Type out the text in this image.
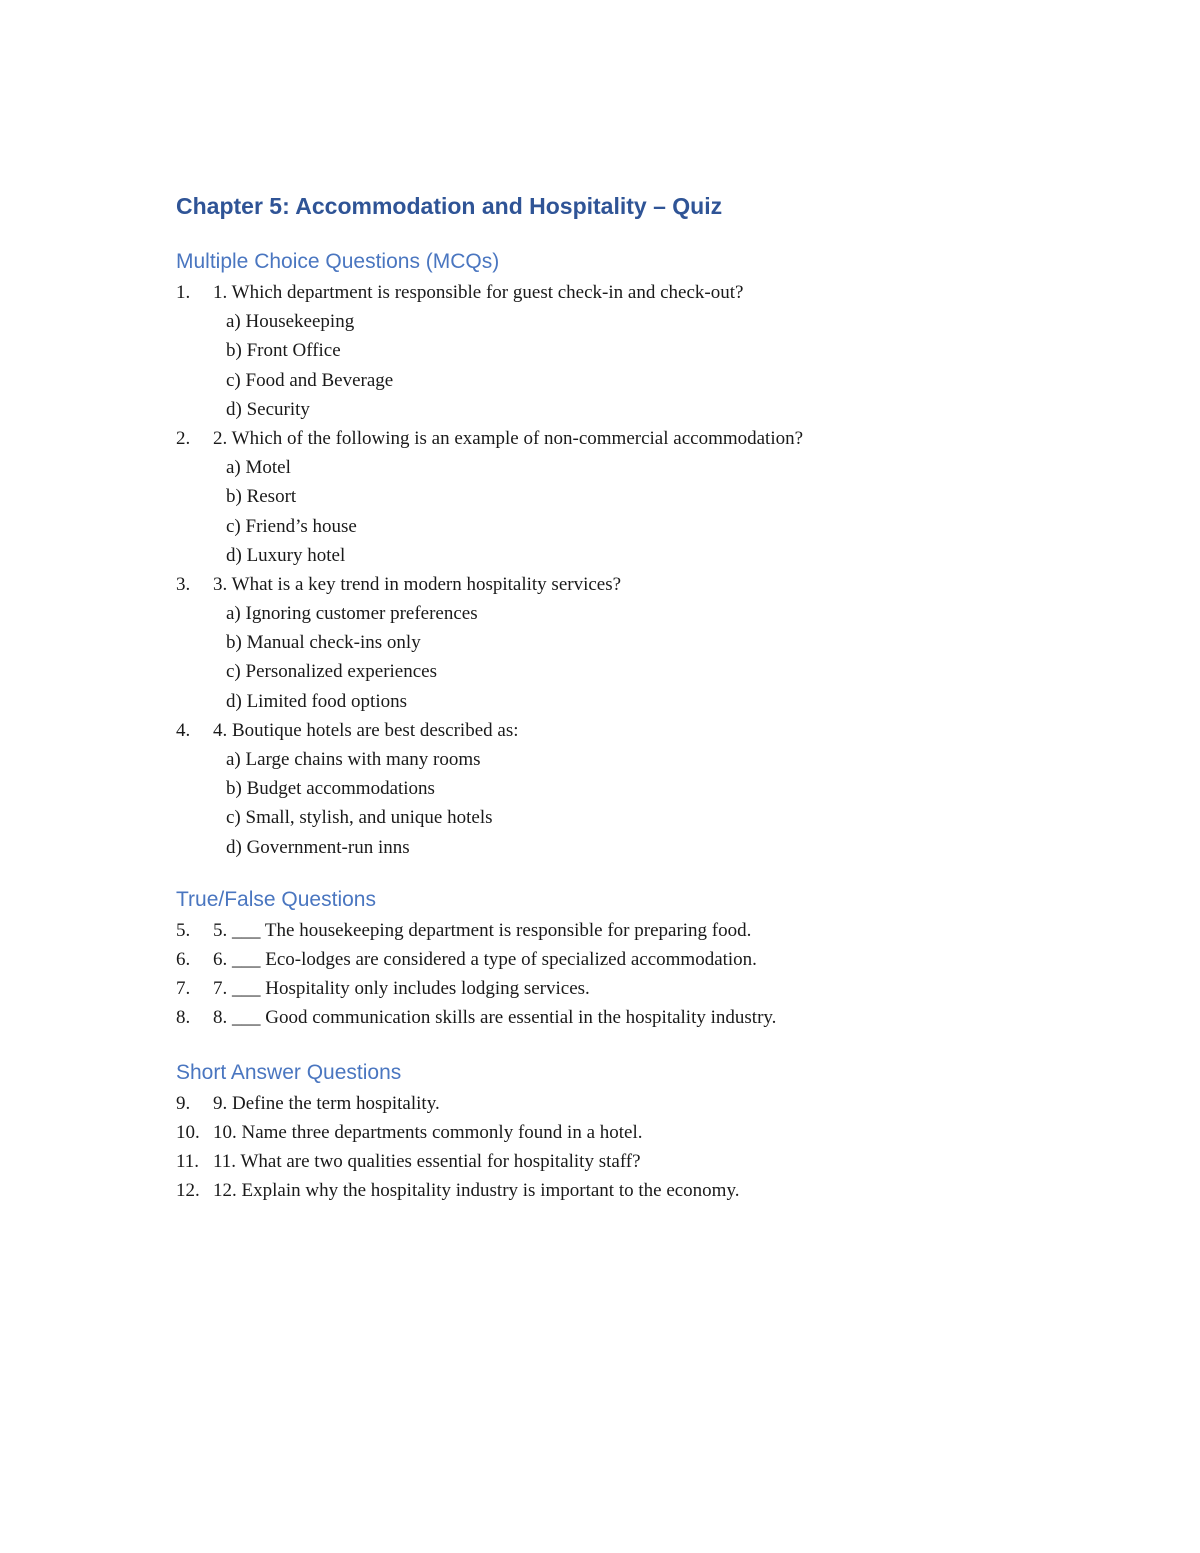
Chapter 5: Accommodation and Hospitality – Quiz
Multiple Choice Questions (MCQs)
1. 1. Which department is responsible for guest check-in and check-out?
a) Housekeeping
b) Front Office
c) Food and Beverage
d) Security
2. 2. Which of the following is an example of non-commercial accommodation?
a) Motel
b) Resort
c) Friend’s house
d) Luxury hotel
3. 3. What is a key trend in modern hospitality services?
a) Ignoring customer preferences
b) Manual check-ins only
c) Personalized experiences
d) Limited food options
4. 4. Boutique hotels are best described as:
a) Large chains with many rooms
b) Budget accommodations
c) Small, stylish, and unique hotels
d) Government-run inns
True/False Questions
5. 5. ___ The housekeeping department is responsible for preparing food.
6. 6. ___ Eco-lodges are considered a type of specialized accommodation.
7. 7. ___ Hospitality only includes lodging services.
8. 8. ___ Good communication skills are essential in the hospitality industry.
Short Answer Questions
9. 9. Define the term hospitality.
10. 10. Name three departments commonly found in a hotel.
11. 11. What are two qualities essential for hospitality staff?
12. 12. Explain why the hospitality industry is important to the economy.
